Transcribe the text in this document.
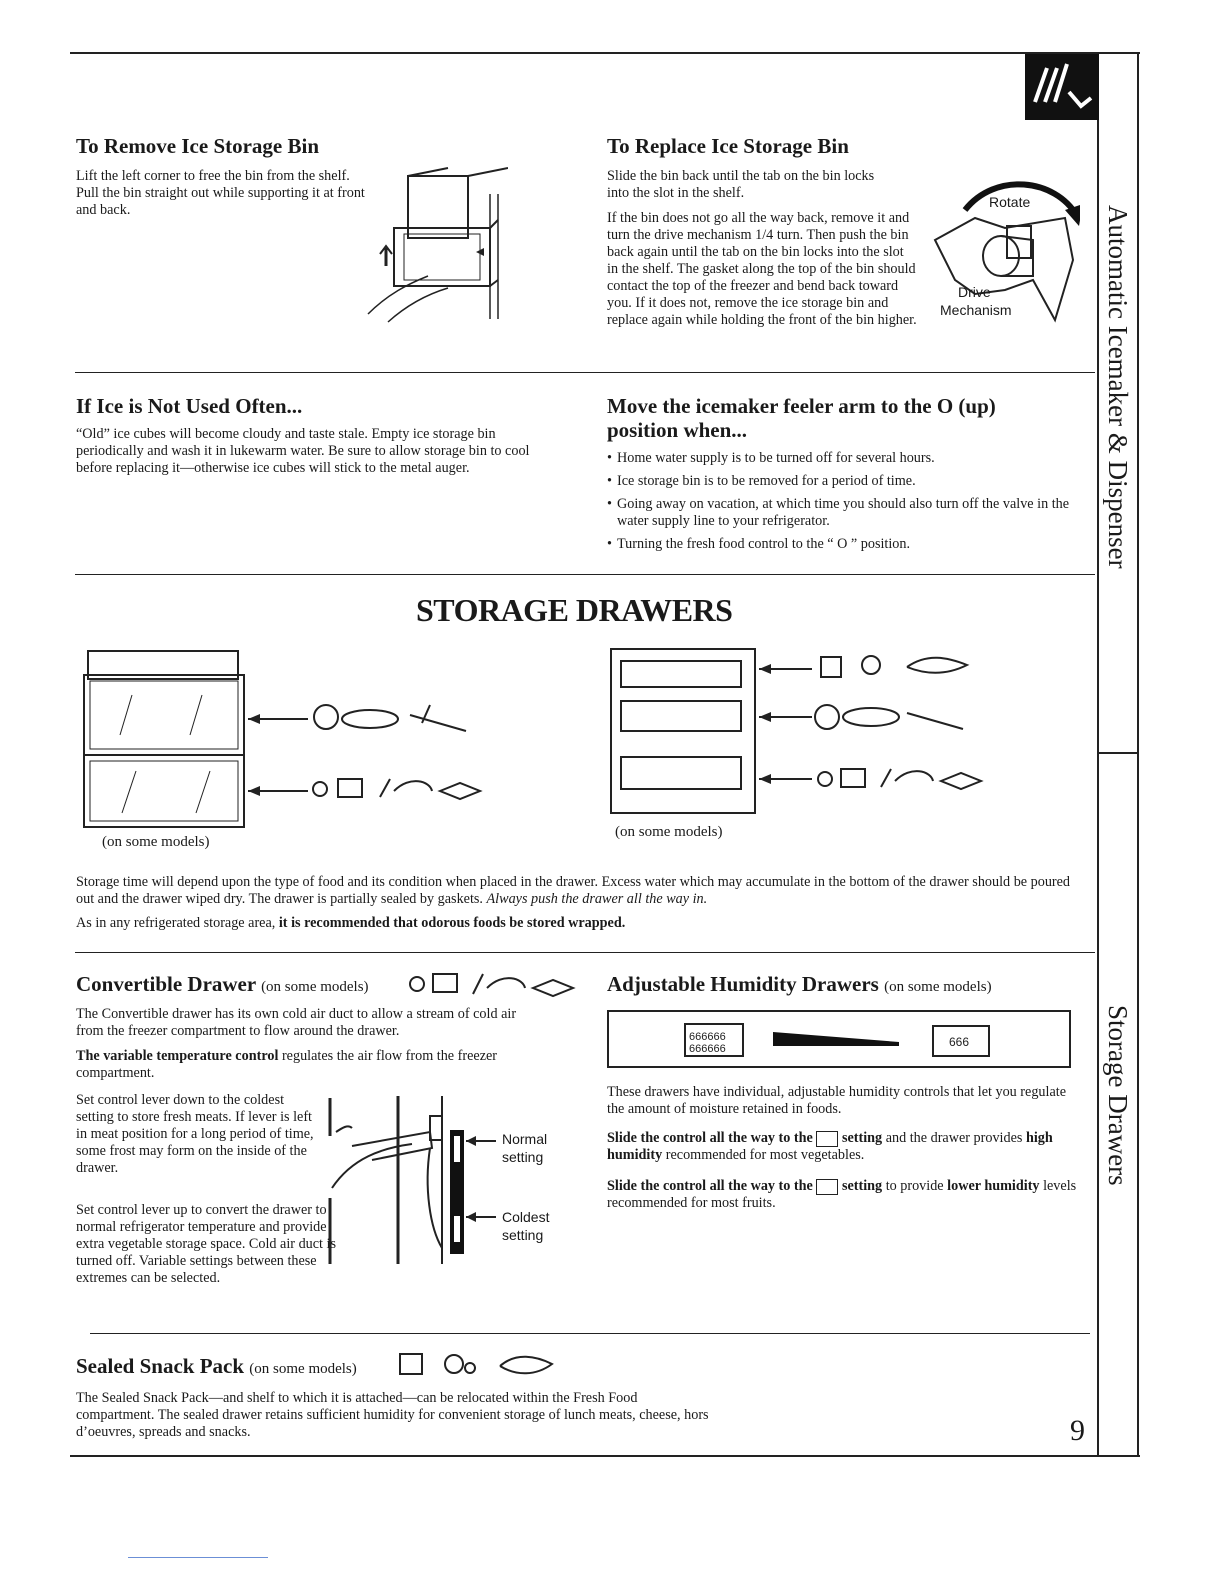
Automatic Icemaker & Dispenser
Storage Drawers
To Remove Ice Storage Bin

Lift the left corner to free the bin from the shelf. Pull the bin straight out while supporting it at front and back.

To Replace Ice Storage Bin

Slide the bin back until the tab on the bin locks into the slot in the shelf.

If the bin does not go all the way back, remove it and turn the drive mechanism 1/4 turn. Then push the bin back again until the tab on the bin locks into the slot in the shelf. The gasket along the top of the bin should contact the top of the freezer and bend back toward you. If it does not, remove the ice storage bin and replace again while holding the front of the bin higher.

Rotate
Drive
Mechanism
If Ice is Not Used Often...

“Old” ice cubes will become cloudy and taste stale. Empty ice storage bin periodically and wash it in lukewarm water. Be sure to allow storage bin to cool before replacing it—otherwise ice cubes will stick to the metal auger.

Move the icemaker feeler arm to the O (up)
position when...
• Home water supply is to be turned off for several hours.
• Ice storage bin is to be removed for a period of time.
• Going away on vacation, at which time you should also turn off the valve in the water supply line to your refrigerator.
• Turning the fresh food control to the “ O ” position.
STORAGE DRAWERS
(on some models)
(on some models)

Storage time will depend upon the type of food and its condition when placed in the drawer. Excess water which may accumulate in the bottom of the drawer should be poured out and the drawer wiped dry. The drawer is partially sealed by gaskets. Always push the drawer all the way in.

As in any refrigerated storage area, it is recommended that odorous foods be stored wrapped.

Convertible Drawer (on some models)

The Convertible drawer has its own cold air duct to allow a stream of cold air from the freezer compartment to flow around the drawer.

The variable temperature control regulates the air flow from the freezer compartment.

Set control lever down to the coldest setting to store fresh meats. If lever is left in meat position for a long period of time, some frost may form on the inside of the drawer.

Set control lever up to convert the drawer to normal refrigerator temperature and provide extra vegetable storage space. Cold air duct is turned off. Variable settings between these extremes can be selected.

Normal
setting
Coldest
setting
Adjustable Humidity Drawers (on some models)
666666
666666	666

These drawers have individual, adjustable humidity controls that let you regulate the amount of moisture retained in foods.

Slide the control all the way to the setting and the drawer provides high humidity recommended for most vegetables.

Slide the control all the way to the setting to provide lower humidity levels recommended for most fruits.

Sealed Snack Pack (on some models)

The Sealed Snack Pack—and shelf to which it is attached—can be relocated within the Fresh Food compartment. The sealed drawer retains sufficient humidity for convenient storage of lunch meats, cheese, hors d’oeuvres, spreads and snacks.	9
